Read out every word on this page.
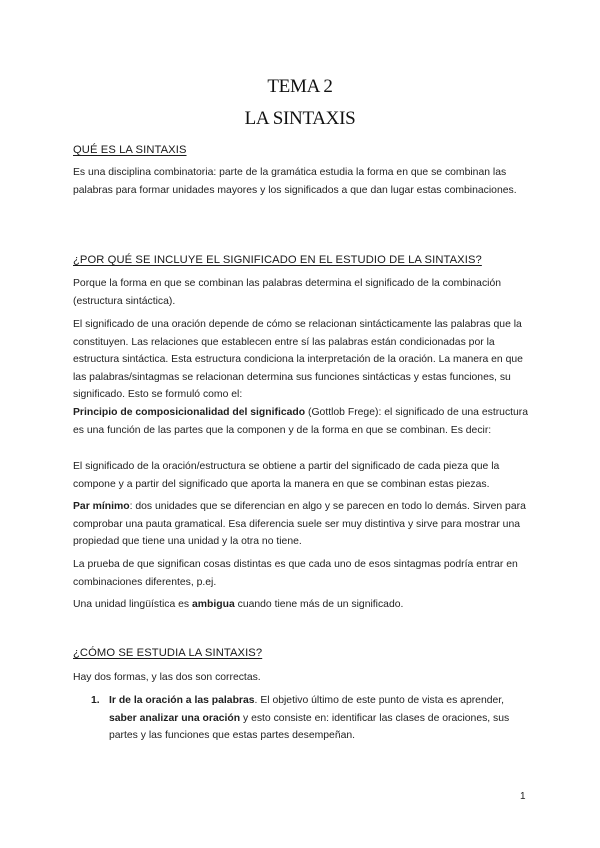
TEMA 2
LA SINTAXIS
QUÉ ES LA SINTAXIS

Es una disciplina combinatoria: parte de la gramática estudia la forma en que se combinan las palabras para formar unidades mayores y los significados a que dan lugar estas combinaciones.

¿POR QUÉ SE INCLUYE EL SIGNIFICADO EN EL ESTUDIO DE LA SINTAXIS?

Porque la forma en que se combinan las palabras determina el significado de la combinación (estructura sintáctica).

El significado de una oración depende de cómo se relacionan sintácticamente las palabras que la constituyen. Las relaciones que establecen entre sí las palabras están condicionadas por la estructura sintáctica. Esta estructura condiciona la interpretación de la oración. La manera en que las palabras/sintagmas se relacionan determina sus funciones sintácticas y estas funciones, su significado. Esto se formuló como el:

Principio de composicionalidad del significado (Gottlob Frege): el significado de una estructura es una función de las partes que la componen y de la forma en que se combinan. Es decir:

El significado de la oración/estructura se obtiene a partir del significado de cada pieza que la compone y a partir del significado que aporta la manera en que se combinan estas piezas.

Par mínimo: dos unidades que se diferencian en algo y se parecen en todo lo demás. Sirven para comprobar una pauta gramatical. Esa diferencia suele ser muy distintiva y sirve para mostrar una propiedad que tiene una unidad y la otra no tiene.

La prueba de que significan cosas distintas es que cada uno de esos sintagmas podría entrar en combinaciones diferentes, p.ej.

Una unidad lingüística es ambigua cuando tiene más de un significado.

¿CÓMO SE ESTUDIA LA SINTAXIS?

Hay dos formas, y las dos son correctas.

1. Ir de la oración a las palabras. El objetivo último de este punto de vista es aprender, saber analizar una oración y esto consiste en: identificar las clases de oraciones, sus partes y las funciones que estas partes desempeñan.
1
